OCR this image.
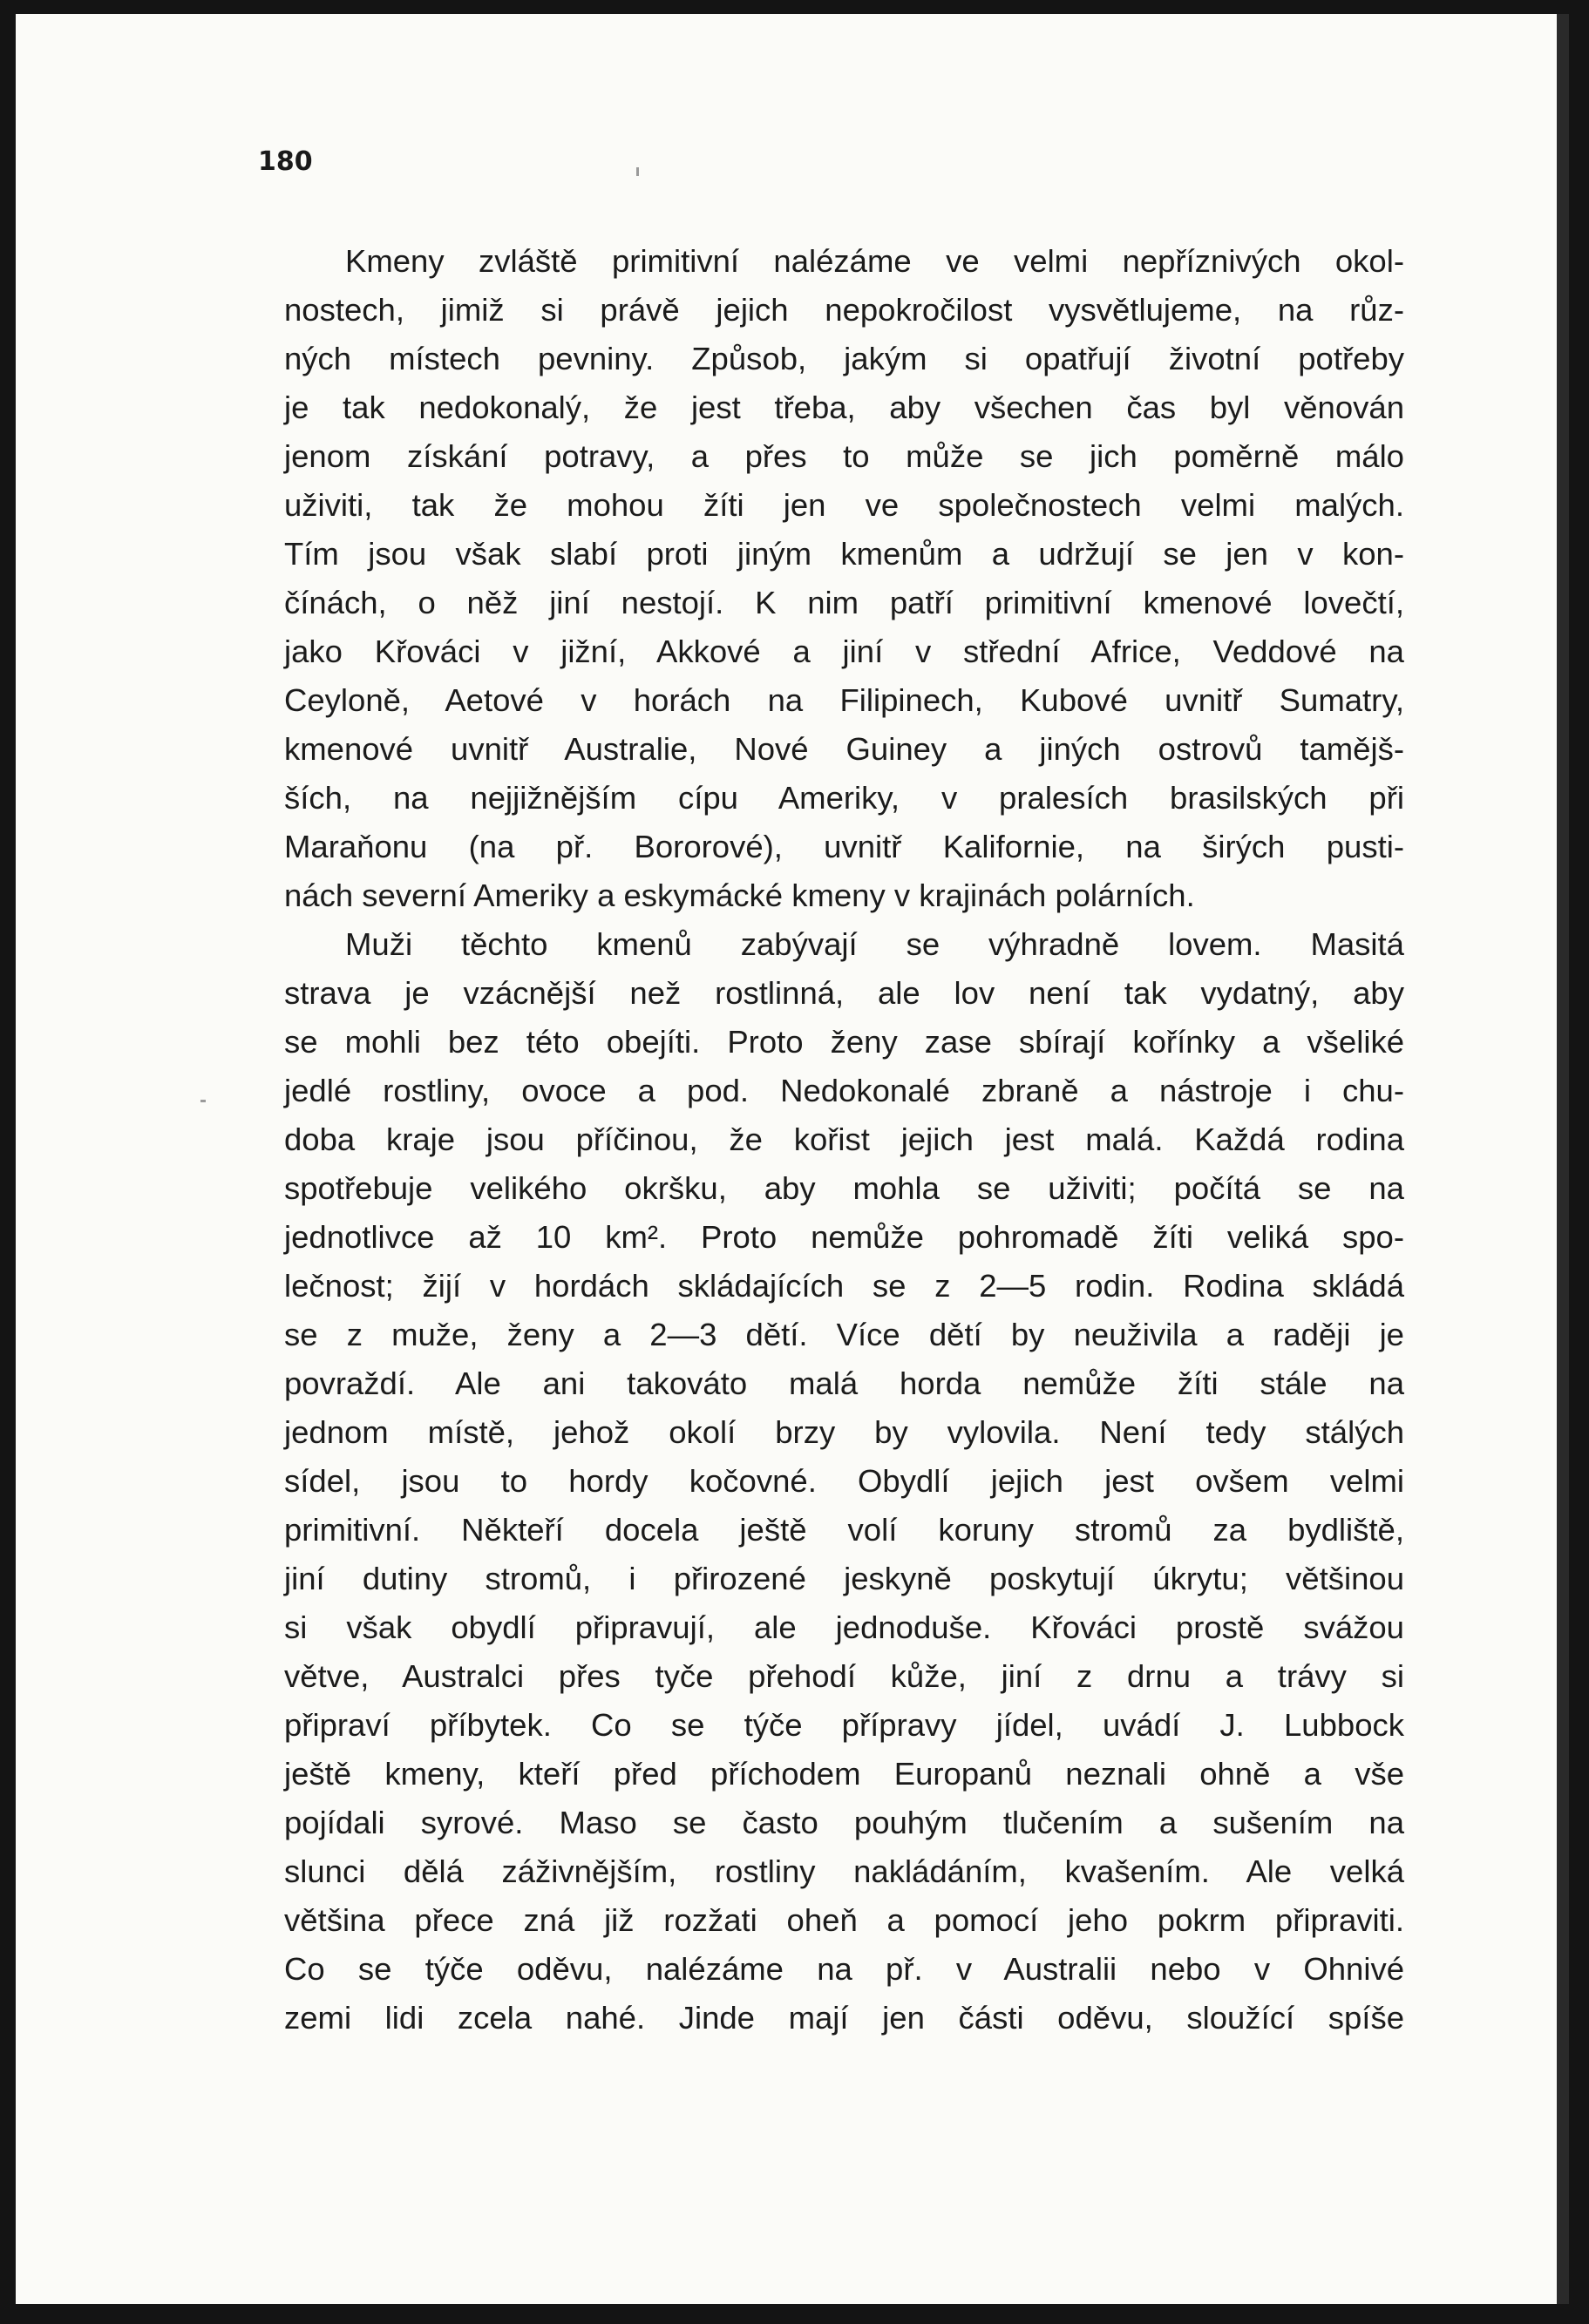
180

Kmeny zvláště primitivní nalézáme ve velmi nepříznivých okol-
nostech, jimiž si právě jejich nepokročilost vysvětlujeme, na růz-
ných místech pevniny. Způsob, jakým si opatřují životní potřeby
je tak nedokonalý, že jest třeba, aby všechen čas byl věnován
jenom získání potravy, a přes to může se jich poměrně málo
uživiti, tak že mohou žíti jen ve společnostech velmi malých.
Tím jsou však slabí proti jiným kmenům a udržují se jen v kon-
čínách, o něž jiní nestojí. K nim patří primitivní kmenové lovečtí,
jako Křováci v jižní, Akkové a jiní v střední Africe, Veddové na
Ceyloně, Aetové v horách na Filipinech, Kubové uvnitř Sumatry,
kmenové uvnitř Australie, Nové Guiney a jiných ostrovů tamějš-
ších, na nejjižnějším cípu Ameriky, v pralesích brasilských při
Maraňonu (na př. Bororové), uvnitř Kalifornie, na širých pusti-
nách severní Ameriky a eskymácké kmeny v krajinách polárních.
Muži těchto kmenů zabývají se výhradně lovem. Masitá
strava je vzácnější než rostlinná, ale lov není tak vydatný, aby
se mohli bez této obejíti. Proto ženy zase sbírají kořínky a všeliké
jedlé rostliny, ovoce a pod. Nedokonalé zbraně a nástroje i chu-
doba kraje jsou příčinou, že kořist jejich jest malá. Každá rodina
spotřebuje velikého okršku, aby mohla se uživiti; počítá se na
jednotlivce až 10 km². Proto nemůže pohromadě žíti veliká spo-
lečnost; žijí v hordách skládajících se z 2—5 rodin. Rodina skládá
se z muže, ženy a 2—3 dětí. Více dětí by neuživila a raději je
povraždí. Ale ani takováto malá horda nemůže žíti stále na
jednom místě, jehož okolí brzy by vylovila. Není tedy stálých
sídel, jsou to hordy kočovné. Obydlí jejich jest ovšem velmi
primitivní. Někteří docela ještě volí koruny stromů za bydliště,
jiní dutiny stromů, i přirozené jeskyně poskytují úkrytu; většinou
si však obydlí připravují, ale jednoduše. Křováci prostě svážou
větve, Australci přes tyče přehodí kůže, jiní z drnu a trávy si
připraví příbytek. Co se týče přípravy jídel, uvádí J. Lubbock
ještě kmeny, kteří před příchodem Europanů neznali ohně a vše
pojídali syrové. Maso se často pouhým tlučením a sušením na
slunci dělá záživnějším, rostliny nakládáním, kvašením. Ale velká
většina přece zná již rozžati oheň a pomocí jeho pokrm připraviti.
Co se týče oděvu, nalézáme na př. v Australii nebo v Ohnivé
zemi lidi zcela nahé. Jinde mají jen části oděvu, sloužící spíše
